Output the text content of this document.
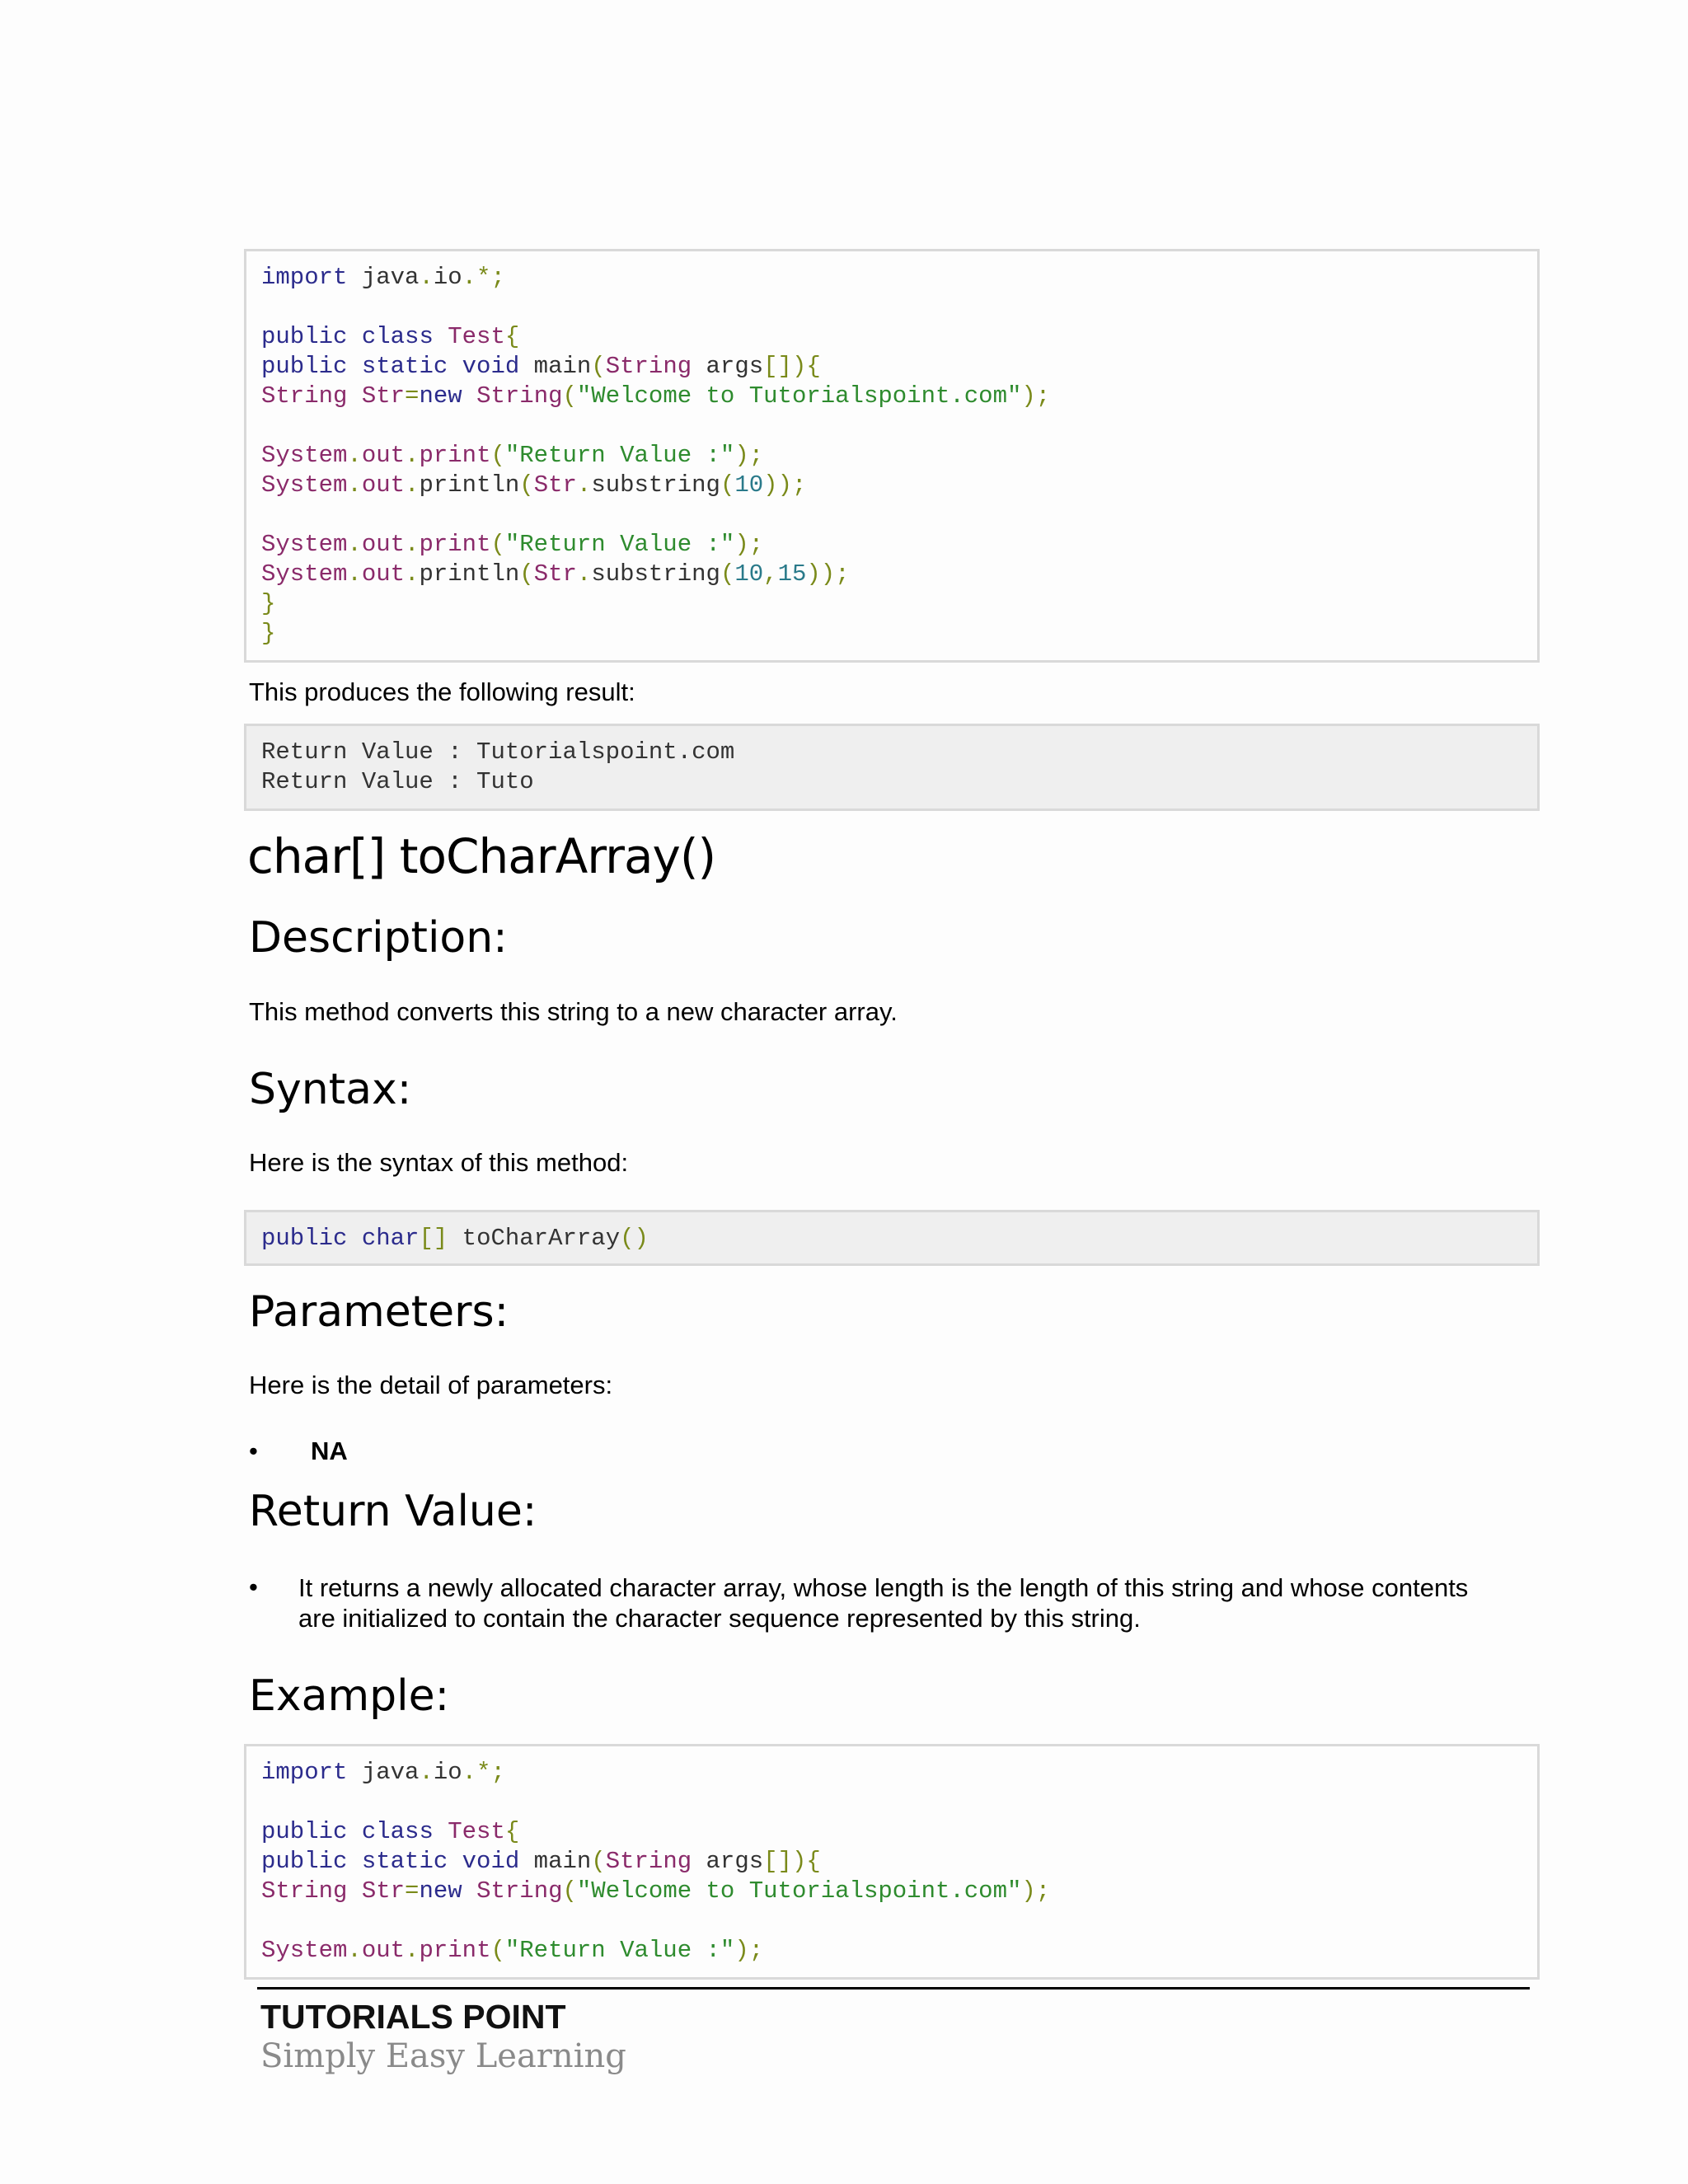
import java.io.*;
public class Test{
public static void main(String args[]){
String Str=new String("Welcome to Tutorialspoint.com");
System.out.print("Return Value :");
System.out.println(Str.substring(10));
System.out.print("Return Value :");
System.out.println(Str.substring(10,15));
}
}
This produces the following result:
Return Value : Tutorialspoint.com
Return Value : Tuto
char[] toCharArray()
Description:
This method converts this string to a new character array.
Syntax:
Here is the syntax of this method:
public char[] toCharArray()
Parameters:
Here is the detail of parameters:
• NA
Return Value:
• It returns a newly allocated character array, whose length is the length of this string and whose contents
are initialized to contain the character sequence represented by this string.
Example:
import java.io.*;
public class Test{
public static void main(String args[]){
String Str=new String("Welcome to Tutorialspoint.com");
System.out.print("Return Value :");
TUTORIALS POINT
Simply Easy Learning
